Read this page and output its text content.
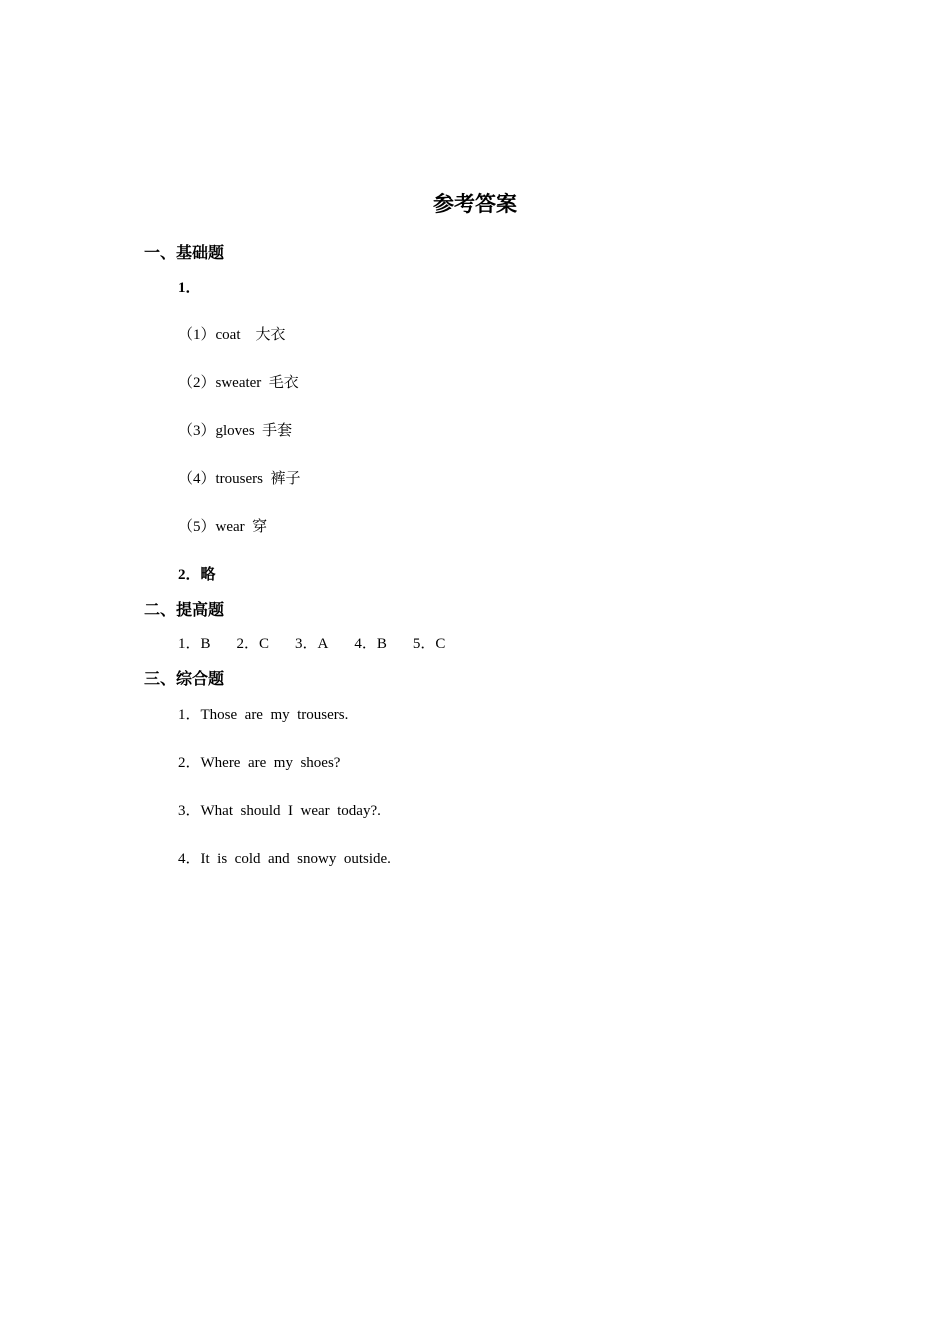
参考答案
一、基础题
1．
（1）coat　大衣
（2）sweater  毛衣
（3）gloves  手套
（4）trousers  裤子
（5）wear  穿
2．略
二、提高题
1．B 2．C 3．A 4．B 5．C
三、综合题
1．Those  are  my  trousers.
2．Where  are  my  shoes?
3．What  should  I  wear  today?.
4．It  is  cold  and  snowy  outside.
